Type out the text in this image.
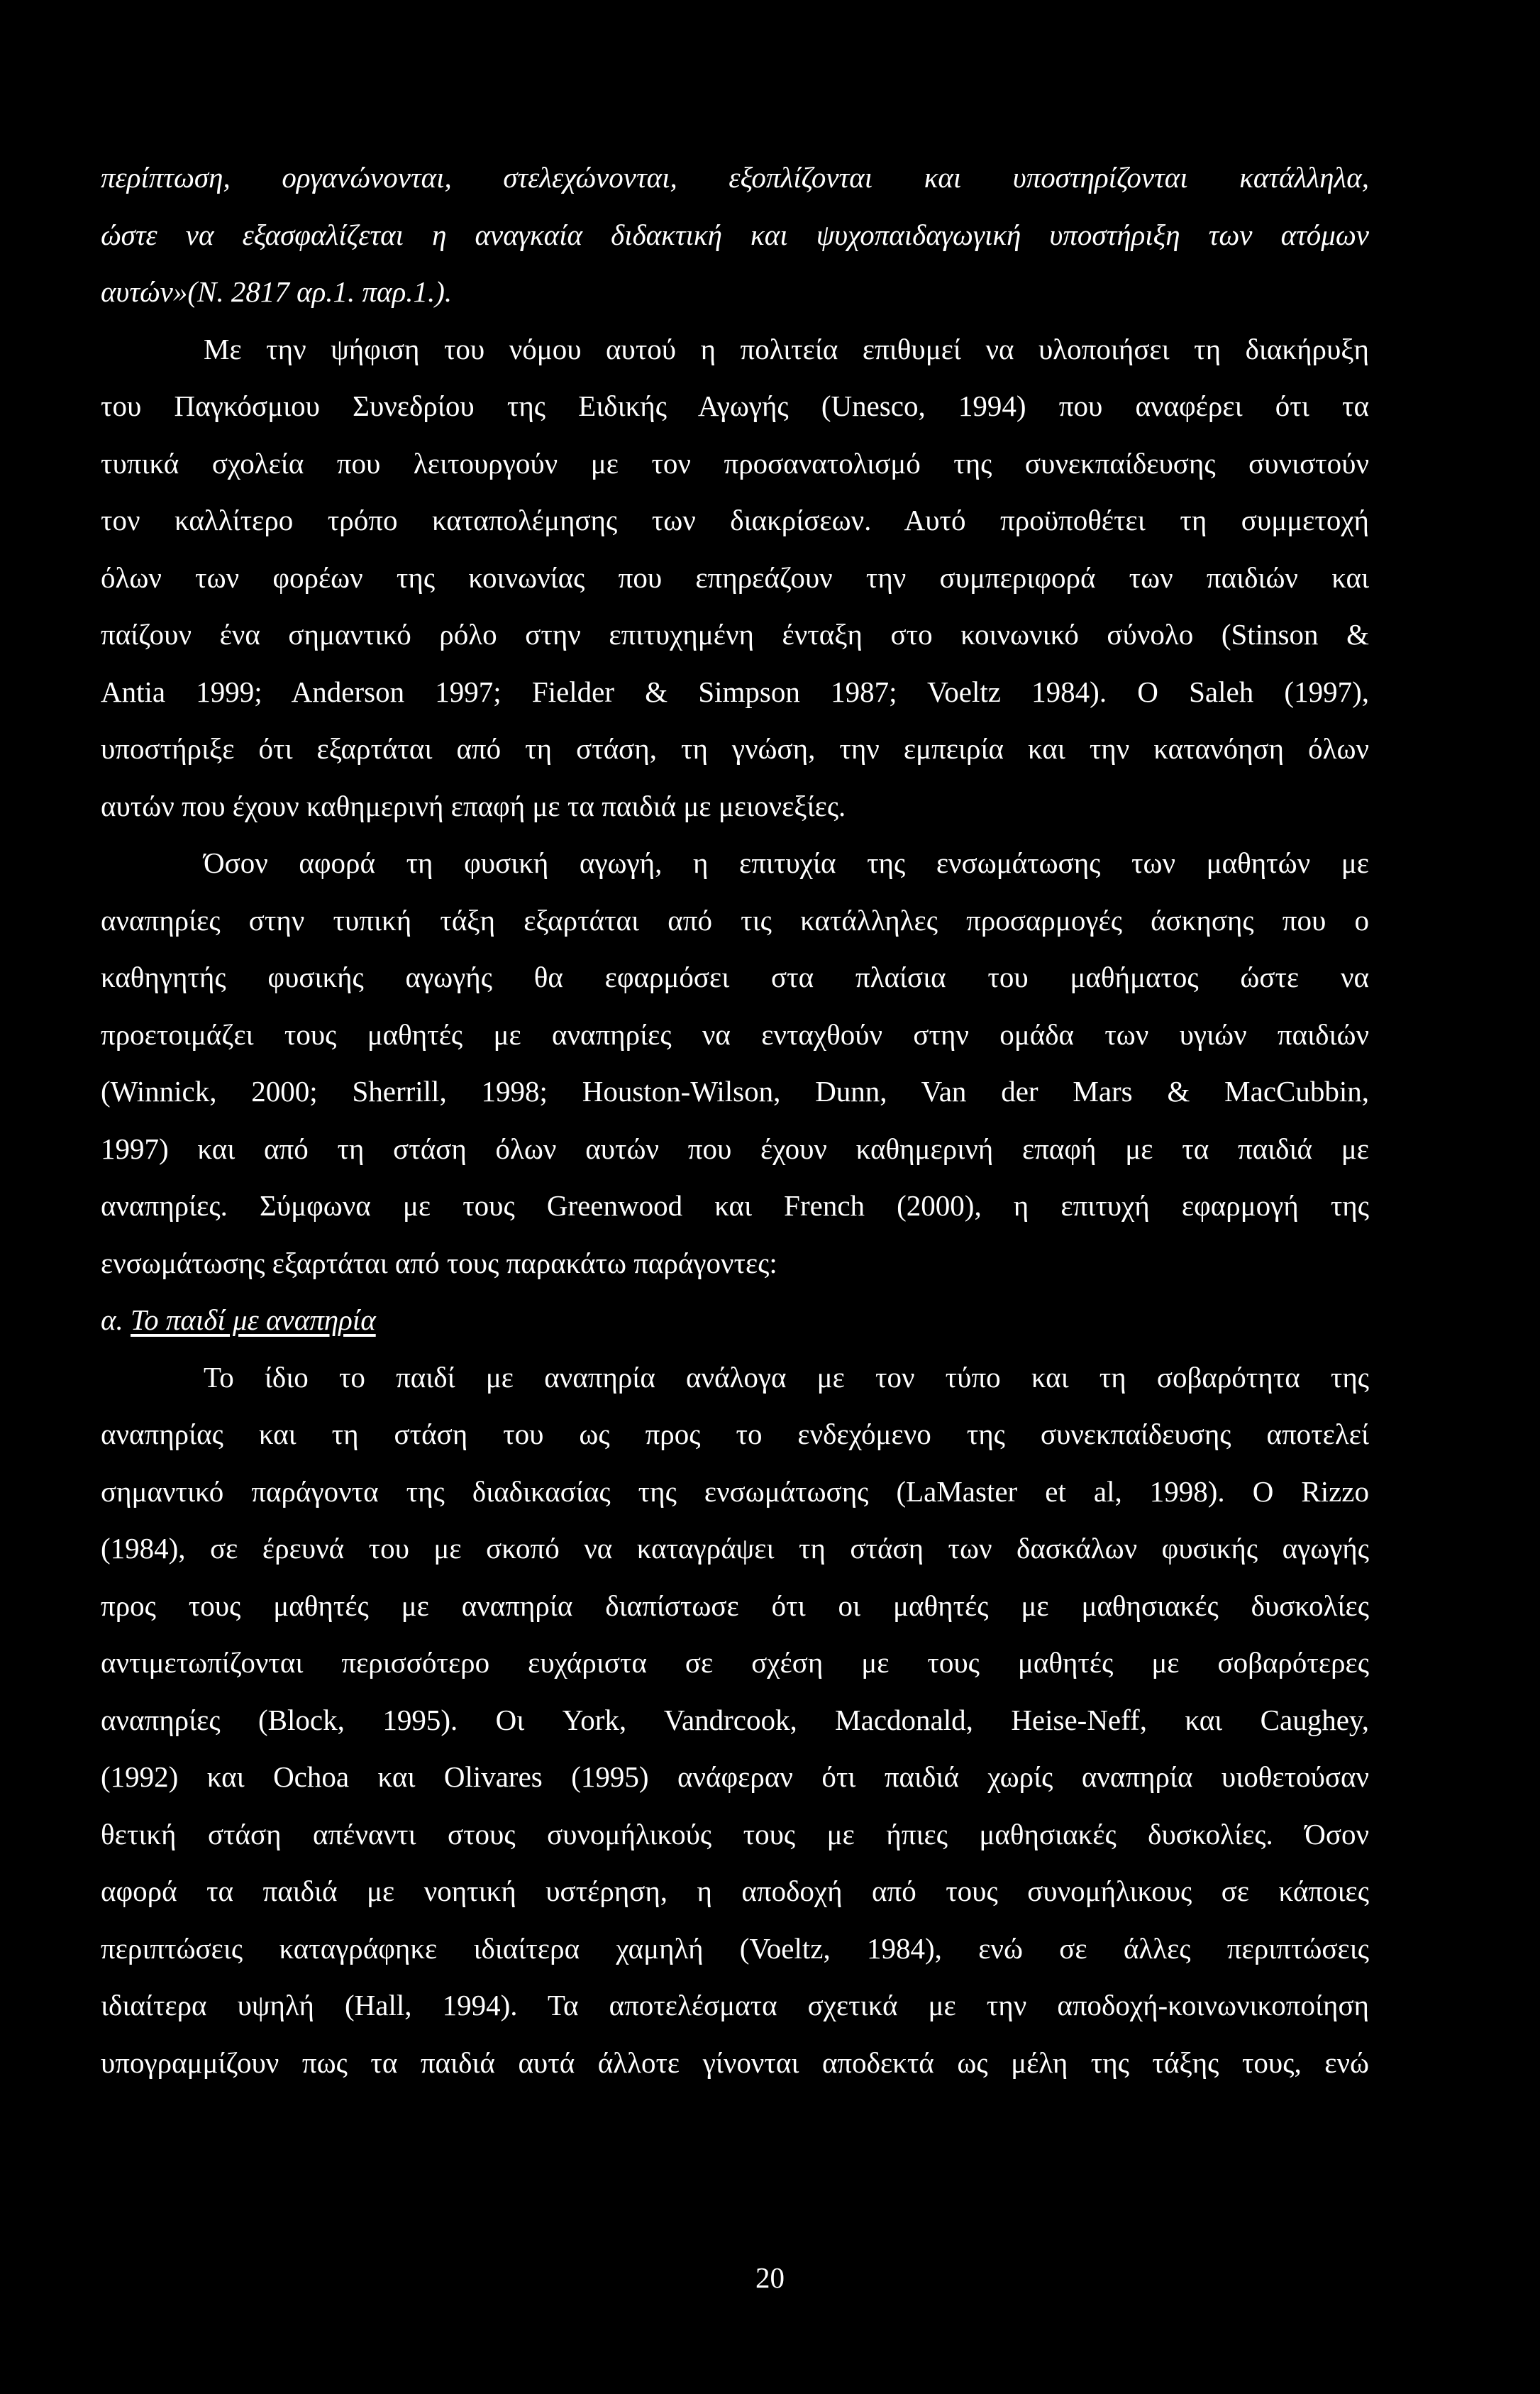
περίπτωση, οργανώνονται, στελεχώνονται, εξοπλίζονται και υποστηρίζονται κατάλληλα,
ώστε να εξασφαλίζεται η αναγκαία διδακτική και ψυχοπαιδαγωγική υποστήριξη των ατόμων
αυτών»(Ν. 2817 αρ.1. παρ.1.).
Με την ψήφιση του νόμου αυτού η πολιτεία επιθυμεί να υλοποιήσει τη διακήρυξη
του Παγκόσμιου Συνεδρίου της Ειδικής Αγωγής (Unesco, 1994) που αναφέρει ότι τα
τυπικά σχολεία που λειτουργούν με τον προσανατολισμό της συνεκπαίδευσης συνιστούν
τον καλλίτερο τρόπο καταπολέμησης των διακρίσεων. Αυτό προϋποθέτει τη συμμετοχή
όλων των φορέων της κοινωνίας που επηρεάζουν την συμπεριφορά των παιδιών και
παίζουν ένα σημαντικό ρόλο στην επιτυχημένη ένταξη στο κοινωνικό σύνολο (Stinson &
Antia 1999; Anderson 1997; Fielder & Simpson 1987; Voeltz 1984). O Saleh (1997),
υποστήριξε ότι εξαρτάται από τη στάση, τη γνώση, την εμπειρία και την κατανόηση όλων
αυτών που έχουν καθημερινή επαφή με τα παιδιά με μειονεξίες.
Όσον αφορά τη φυσική αγωγή, η επιτυχία της ενσωμάτωσης των μαθητών με
αναπηρίες στην τυπική τάξη εξαρτάται από τις κατάλληλες προσαρμογές άσκησης που ο
καθηγητής φυσικής αγωγής θα εφαρμόσει στα πλαίσια του μαθήματος ώστε να
προετοιμάζει τους μαθητές με αναπηρίες να ενταχθούν στην ομάδα των υγιών παιδιών
(Winnick, 2000; Sherrill, 1998; Houston-Wilson, Dunn, Van der Mars & MacCubbin,
1997) και από τη στάση όλων αυτών που έχουν καθημερινή επαφή με τα παιδιά με
αναπηρίες. Σύμφωνα με τους Greenwood και French (2000), η επιτυχή εφαρμογή της
ενσωμάτωσης εξαρτάται από τους παρακάτω παράγοντες:
α. Το παιδί με αναπηρία
Το ίδιο το παιδί με αναπηρία ανάλογα με τον τύπο και τη σοβαρότητα της
αναπηρίας και τη στάση του ως προς το ενδεχόμενο της συνεκπαίδευσης αποτελεί
σημαντικό παράγοντα της διαδικασίας της ενσωμάτωσης (LaMaster et al, 1998). O Rizzo
(1984), σε έρευνά του με σκοπό να καταγράψει τη στάση των δασκάλων φυσικής αγωγής
προς τους μαθητές με αναπηρία διαπίστωσε ότι οι μαθητές με μαθησιακές δυσκολίες
αντιμετωπίζονται περισσότερο ευχάριστα σε σχέση με τους μαθητές με σοβαρότερες
αναπηρίες (Block, 1995). Οι York, Vandrcook, Macdonald, Heise-Neff, και Caughey,
(1992) και Ochoa και Olivares (1995) ανάφεραν ότι παιδιά χωρίς αναπηρία υιοθετούσαν
θετική στάση απέναντι στους συνομήλικούς τους με ήπιες μαθησιακές δυσκολίες. Όσον
αφορά τα παιδιά με νοητική υστέρηση, η αποδοχή από τους συνομήλικους σε κάποιες
περιπτώσεις καταγράφηκε ιδιαίτερα χαμηλή (Voeltz, 1984), ενώ σε άλλες περιπτώσεις
ιδιαίτερα υψηλή (Hall, 1994). Τα αποτελέσματα σχετικά με την αποδοχή-κοινωνικοποίηση
υπογραμμίζουν πως τα παιδιά αυτά άλλοτε γίνονται αποδεκτά ως μέλη της τάξης τους, ενώ
20
